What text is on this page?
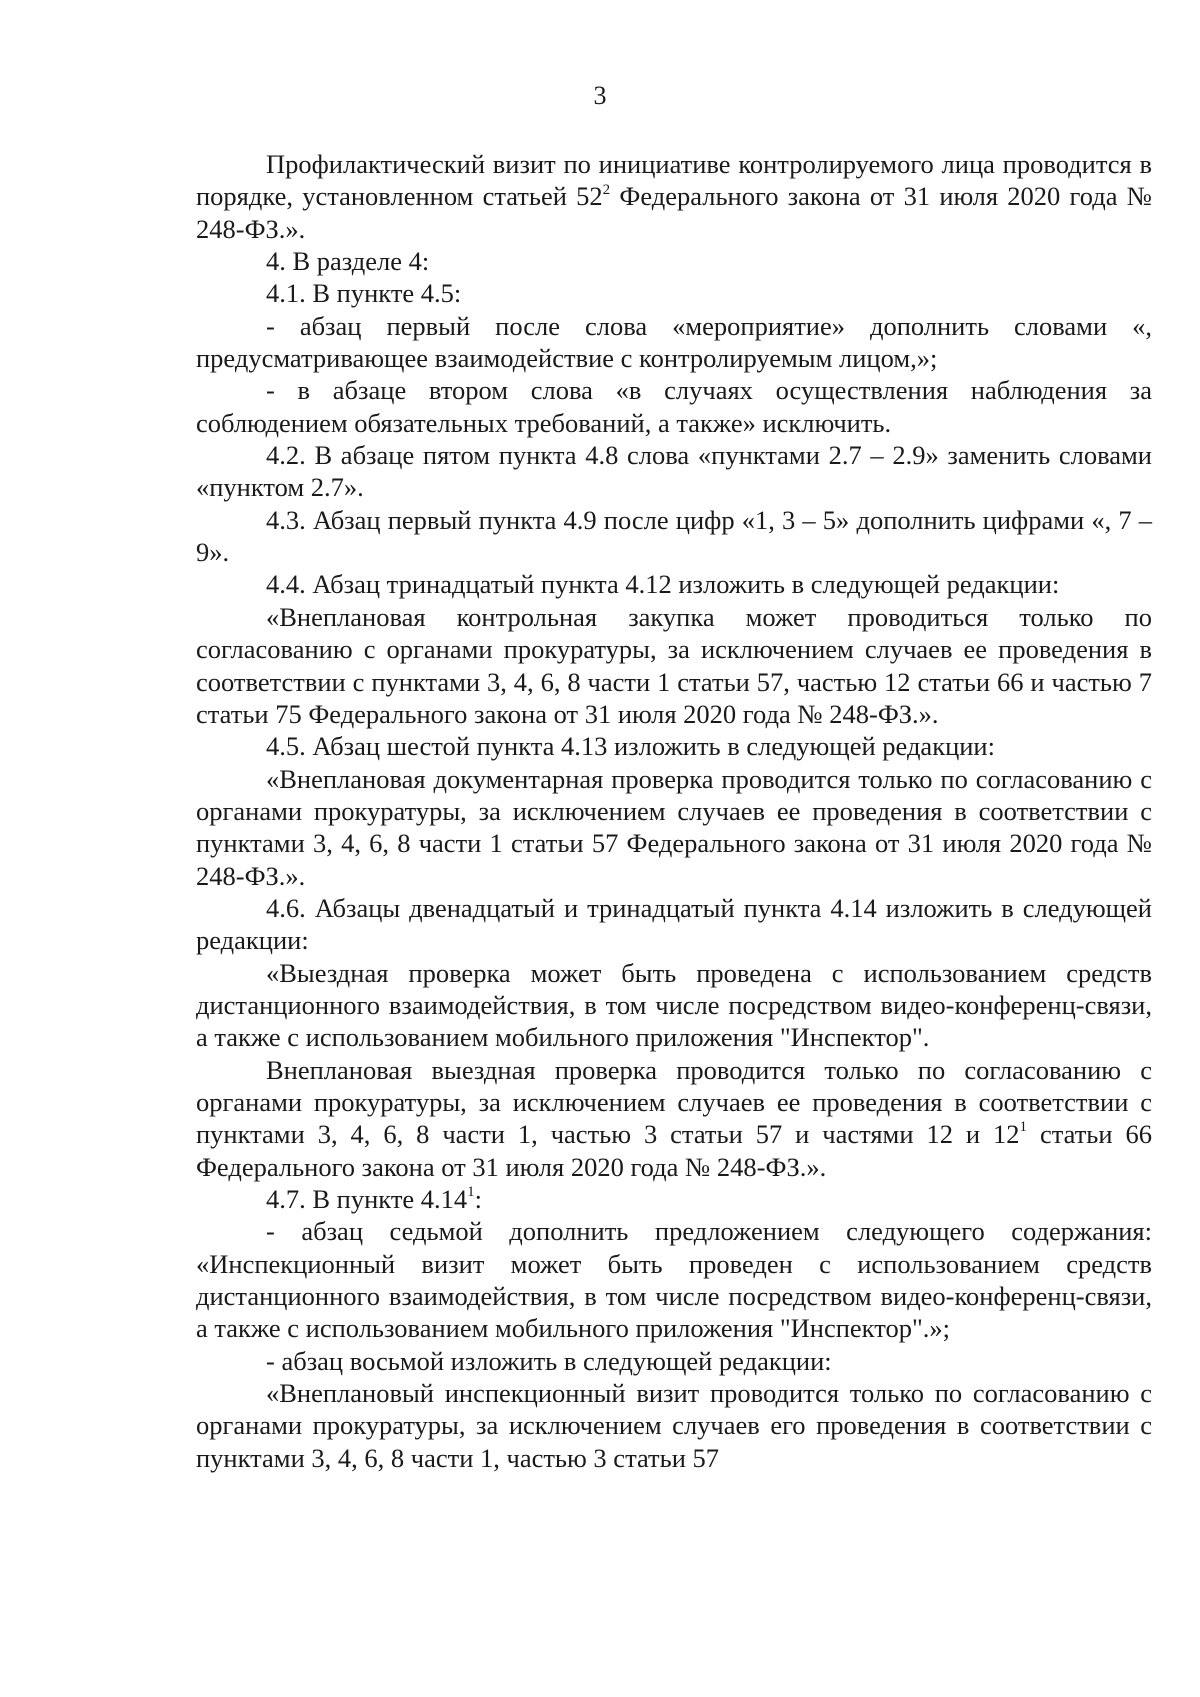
3

Профилактический визит по инициативе контролируемого лица проводится в порядке, установленном статьей $52^2$ Федерального закона от 31 июля 2020 года № 248-ФЗ.».

4. В разделе 4:

4.1. В пункте 4.5:

- абзац первый после слова «мероприятие» дополнить словами «, предусматривающее взаимодействие с контролируемым лицом,»;

- в абзаце втором слова «в случаях осуществления наблюдения за соблюдением обязательных требований, а также» исключить.

4.2. В абзаце пятом пункта 4.8 слова «пунктами 2.7 – 2.9» заменить словами «пунктом 2.7».

4.3. Абзац первый пункта 4.9 после цифр «1, 3 – 5» дополнить цифрами «, 7 – 9».

4.4. Абзац тринадцатый пункта 4.12 изложить в следующей редакции:

«Внеплановая контрольная закупка может проводиться только по согласованию с органами прокуратуры, за исключением случаев ее проведения в соответствии с пунктами 3, 4, 6, 8 части 1 статьи 57, частью 12 статьи 66 и частью 7 статьи 75 Федерального закона от 31 июля 2020 года № 248-ФЗ.».

4.5. Абзац шестой пункта 4.13 изложить в следующей редакции:

«Внеплановая документарная проверка проводится только по согласованию с органами прокуратуры, за исключением случаев ее проведения в соответствии с пунктами 3, 4, 6, 8 части 1 статьи 57 Федерального закона от 31 июля 2020 года № 248-ФЗ.».

4.6. Абзацы двенадцатый и тринадцатый пункта 4.14 изложить в следующей редакции:

«Выездная проверка может быть проведена с использованием средств дистанционного взаимодействия, в том числе посредством видео-конференц-связи, а также с использованием мобильного приложения "Инспектор".

Внеплановая выездная проверка проводится только по согласованию с органами прокуратуры, за исключением случаев ее проведения в соответствии с пунктами 3, 4, 6, 8 части 1, частью 3 статьи 57 и частями 12 и $12^1$ статьи 66 Федерального закона от 31 июля 2020 года № 248-ФЗ.».

4.7. В пункте 4.14$^1$:

- абзац седьмой дополнить предложением следующего содержания: «Инспекционный визит может быть проведен с использованием средств дистанционного взаимодействия, в том числе посредством видео-конференц-связи, а также с использованием мобильного приложения "Инспектор".»;

- абзац восьмой изложить в следующей редакции:

«Внеплановый инспекционный визит проводится только по согласованию с органами прокуратуры, за исключением случаев его проведения в соответствии с пунктами 3, 4, 6, 8 части 1, частью 3 статьи 57
